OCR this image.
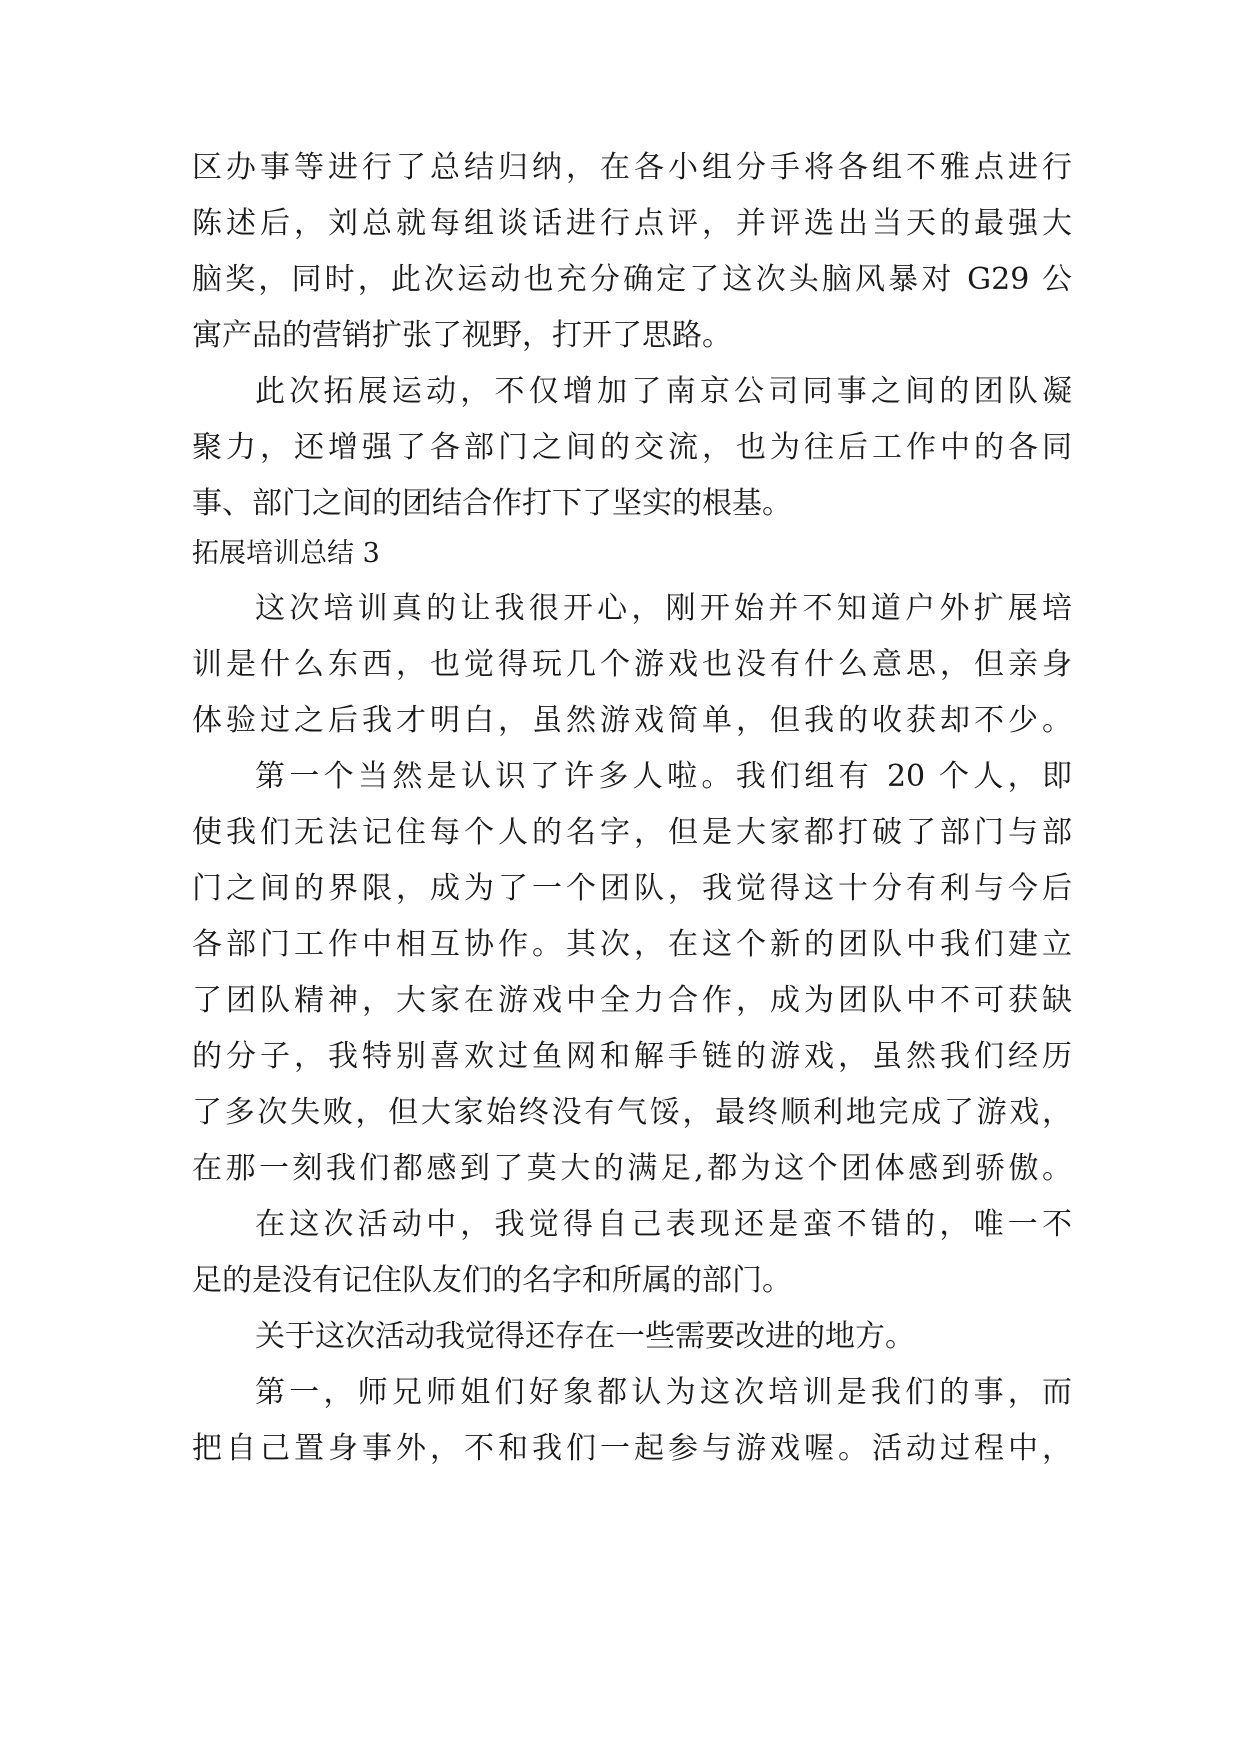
区办事等进行了总结归纳，在各小组分手将各组不雅点进行
陈述后，刘总就每组谈话进行点评，并评选出当天的最强大
脑奖，同时，此次运动也充分确定了这次头脑风暴对 G29 公
寓产品的营销扩张了视野，打开了思路。
此次拓展运动，不仅增加了南京公司同事之间的团队凝
聚力，还增强了各部门之间的交流，也为往后工作中的各同
事、部门之间的团结合作打下了坚实的根基。
拓展培训总结 3
这次培训真的让我很开心，刚开始并不知道户外扩展培
训是什么东西，也觉得玩几个游戏也没有什么意思，但亲身
体验过之后我才明白，虽然游戏简单，但我的收获却不少。
第一个当然是认识了许多人啦。我们组有 20 个人，即
使我们无法记住每个人的名字，但是大家都打破了部门与部
门之间的界限，成为了一个团队，我觉得这十分有利与今后
各部门工作中相互协作。其次，在这个新的团队中我们建立
了团队精神，大家在游戏中全力合作，成为团队中不可获缺
的分子，我特别喜欢过鱼网和解手链的游戏，虽然我们经历
了多次失败，但大家始终没有气馁，最终顺利地完成了游戏，
在那一刻我们都感到了莫大的满足,都为这个团体感到骄傲。
在这次活动中，我觉得自己表现还是蛮不错的，唯一不
足的是没有记住队友们的名字和所属的部门。
关于这次活动我觉得还存在一些需要改进的地方。
第一，师兄师姐们好象都认为这次培训是我们的事，而
把自己置身事外，不和我们一起参与游戏喔。活动过程中，
